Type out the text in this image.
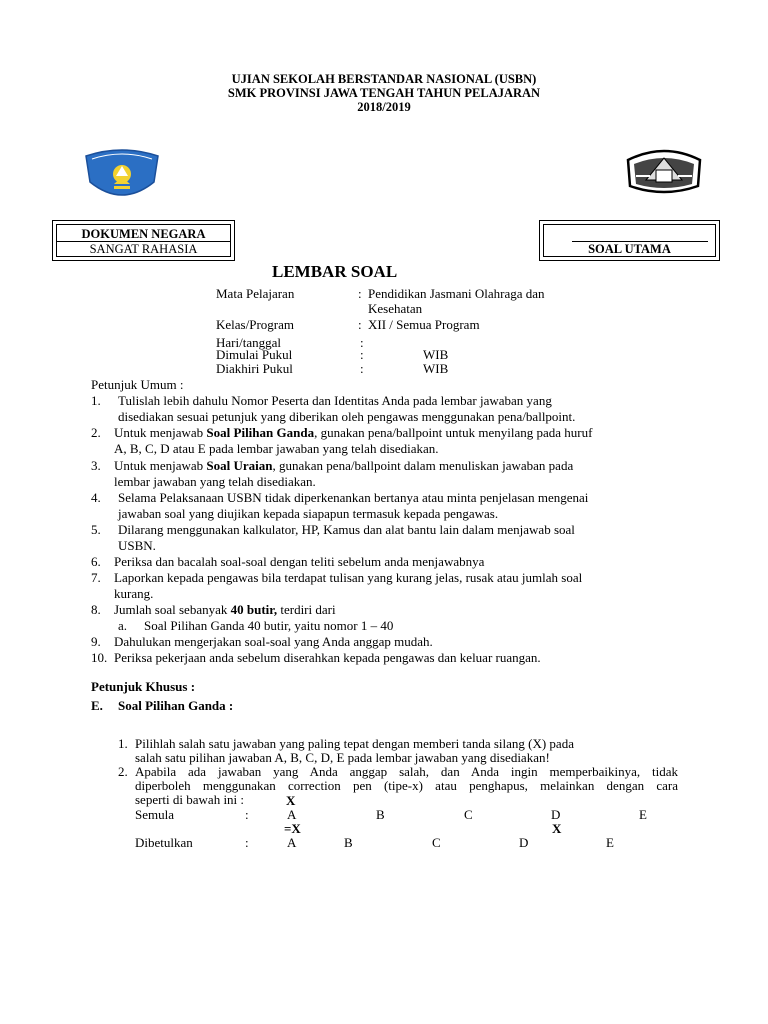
UJIAN SEKOLAH BERSTANDAR NASIONAL (USBN)
SMK PROVINSI JAWA TENGAH TAHUN PELAJARAN
2018/2019
DOKUMEN NEGARA
SANGAT RAHASIA	SOAL UTAMA
LEMBAR SOAL
Mata Pelajaran	: Pendidikan Jasmani Olahraga dan
Kesehatan
Kelas/Program	: XII / Semua Program
Hari/tanggal	:
Dimulai Pukul	:	WIB
Diakhiri Pukul	:	WIB
Petunjuk Umum :
1. Tulislah lebih dahulu Nomor Peserta dan Identitas Anda pada lembar jawaban yang
disediakan sesuai petunjuk yang diberikan oleh pengawas menggunakan pena/ballpoint.
2. Untuk menjawab Soal Pilihan Ganda, gunakan pena/ballpoint untuk menyilang pada huruf
A, B, C, D atau E pada lembar jawaban yang telah disediakan.
3. Untuk menjawab Soal Uraian, gunakan pena/ballpoint dalam menuliskan jawaban pada
lembar jawaban yang telah disediakan.
4. Selama Pelaksanaan USBN tidak diperkenankan bertanya atau minta penjelasan mengenai
jawaban soal yang diujikan kepada siapapun termasuk kepada pengawas.
5. Dilarang menggunakan kalkulator, HP, Kamus dan alat bantu lain dalam menjawab soal
USBN.
6. Periksa dan bacalah soal-soal dengan teliti sebelum anda menjawabnya
7. Laporkan kepada pengawas bila terdapat tulisan yang kurang jelas, rusak atau jumlah soal
kurang.
8. Jumlah soal sebanyak 40 butir, terdiri dari
a. Soal Pilihan Ganda 40 butir, yaitu nomor 1 – 40
9. Dahulukan mengerjakan soal-soal yang Anda anggap mudah.
10. Periksa pekerjaan anda sebelum diserahkan kepada pengawas dan keluar ruangan.
Petunjuk Khusus :
E. Soal Pilihan Ganda :
1. Pilihlah salah satu jawaban yang paling tepat dengan memberi tanda silang (X) pada
salah satu pilihan jawaban A, B, C, D, E pada lembar jawaban yang disediakan!
2. Apabila ada jawaban yang Anda anggap salah, dan Anda ingin memperbaikinya, tidak
diperboleh menggunakan correction pen (tipe-x) atau penghapus, melainkan dengan cara
seperti di bawah ini :	X
Semula	:	A	B	C	D	E
=X	X
Dibetulkan	:	A	B	C	D	E
